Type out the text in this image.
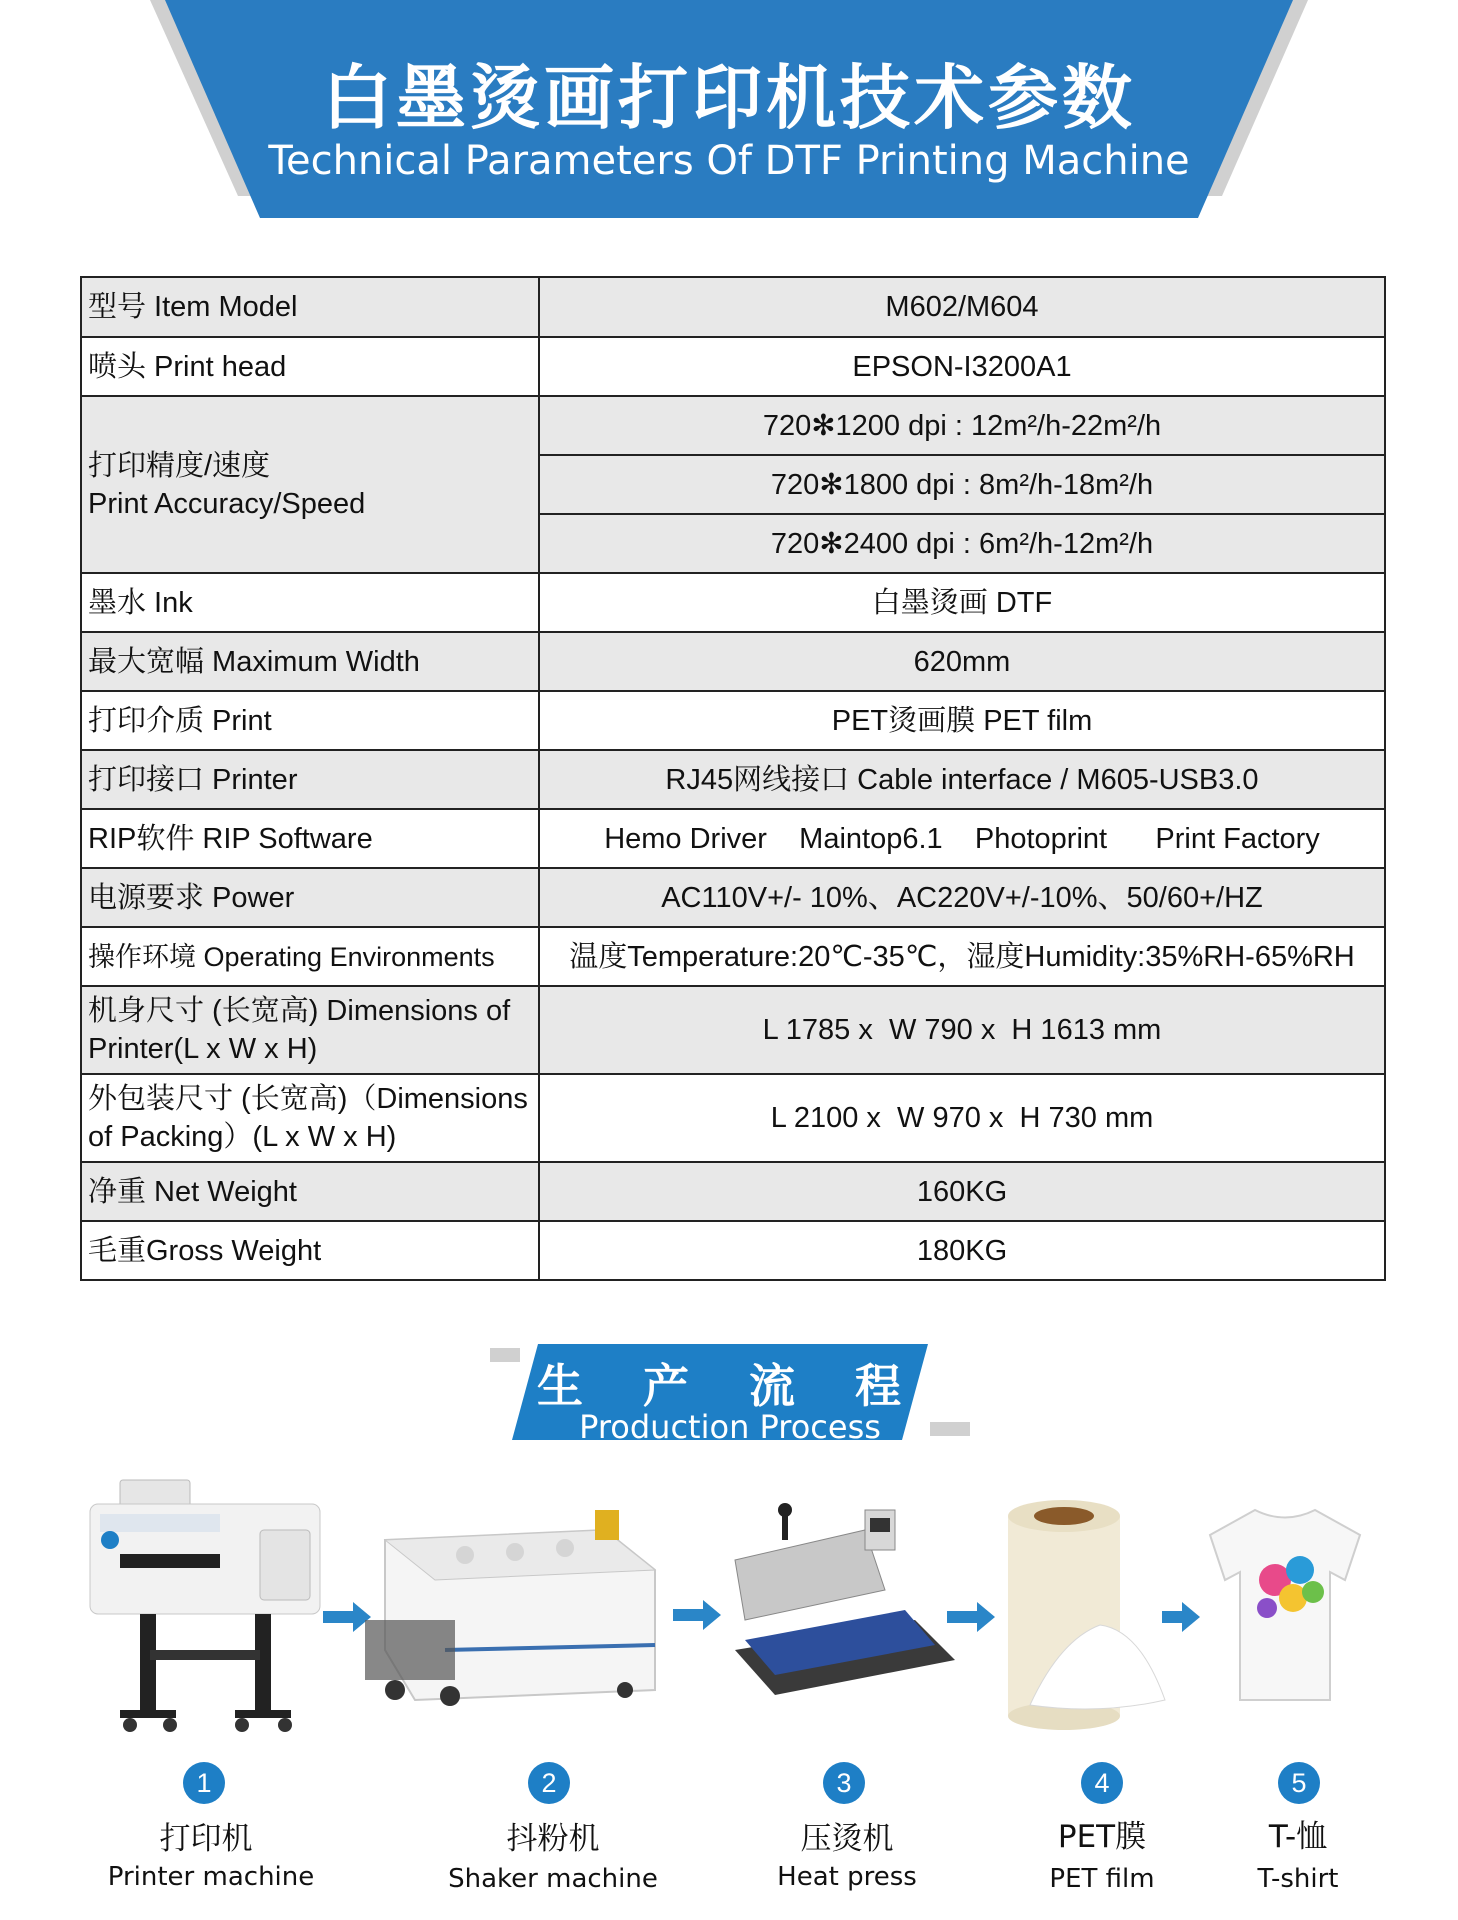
白墨烫画打印机技术参数
Technical Parameters Of DTF Printing Machine
型号 Item Model	M602/M604
喷头 Print head	EPSON-I3200A1

打印精度/速度
Print Accuracy/Speed	720✻1200 dpi : 12m²/h-22m²/h
	720✻1800 dpi : 8m²/h-18m²/h
	720✻2400 dpi : 6m²/h-12m²/h
墨水 Ink	白墨烫画 DTF
最大宽幅 Maximum Width	620mm
打印介质 Print	PET烫画膜 PET film
打印接口 Printer	RJ45网线接口 Cable interface / M605-USB3.0
RIP软件 RIP Software	Hemo Driver    Maintop6.1    Photoprint      Print Factory
电源要求 Power	AC110V+/- 10%、AC220V+/-10%、50/60+/HZ
操作环境 Operating Environments	温度Temperature:20℃-35℃，湿度Humidity:35%RH-65%RH
机身尺寸 (长宽高) Dimensions of Printer(L x W x H)	L 1785 x  W 790 x  H 1613 mm
外包装尺寸 (长宽高)（Dimensions of Packing）(L x W x H)	L 2100 x  W 970 x  H 730 mm
净重 Net Weight	160KG
毛重Gross Weight	180KG
生 产 流 程
Production Process
1
打印机
Printer machine
2
抖粉机
Shaker machine
3
压烫机
Heat press
4
PET膜
PET film
5
T-恤
T-shirt
